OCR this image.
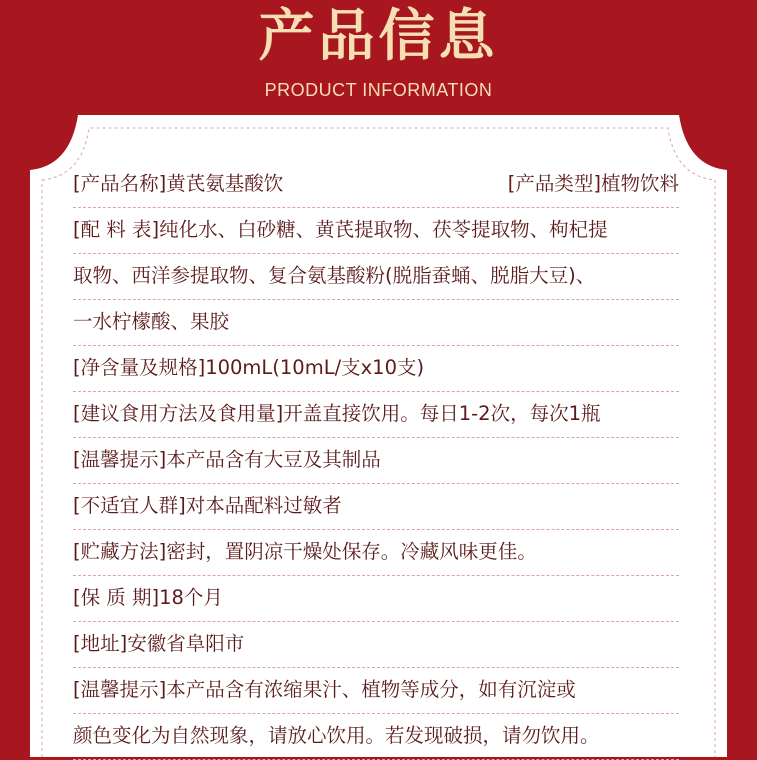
产品信息
PRODUCT INFORMATION
[产品名称]黄芪氨基酸饮	[产品类型]植物饮料
[配 料 表]纯化水、白砂糖、黄芪提取物、茯苓提取物、枸杞提
取物、西洋参提取物、复合氨基酸粉(脱脂蚕蛹、脱脂大豆)、
一水柠檬酸、果胶
[净含量及规格]100mL(10mL/支x10支)
[建议食用方法及食用量]开盖直接饮用。每日1-2次，每次1瓶
[温馨提示]本产品含有大豆及其制品
[不适宜人群]对本品配料过敏者
[贮藏方法]密封，置阴凉干燥处保存。冷藏风味更佳。
[保 质 期]18个月
[地址]安徽省阜阳市
[温馨提示]本产品含有浓缩果汁、植物等成分，如有沉淀或
颜色变化为自然现象，请放心饮用。若发现破损，请勿饮用。
